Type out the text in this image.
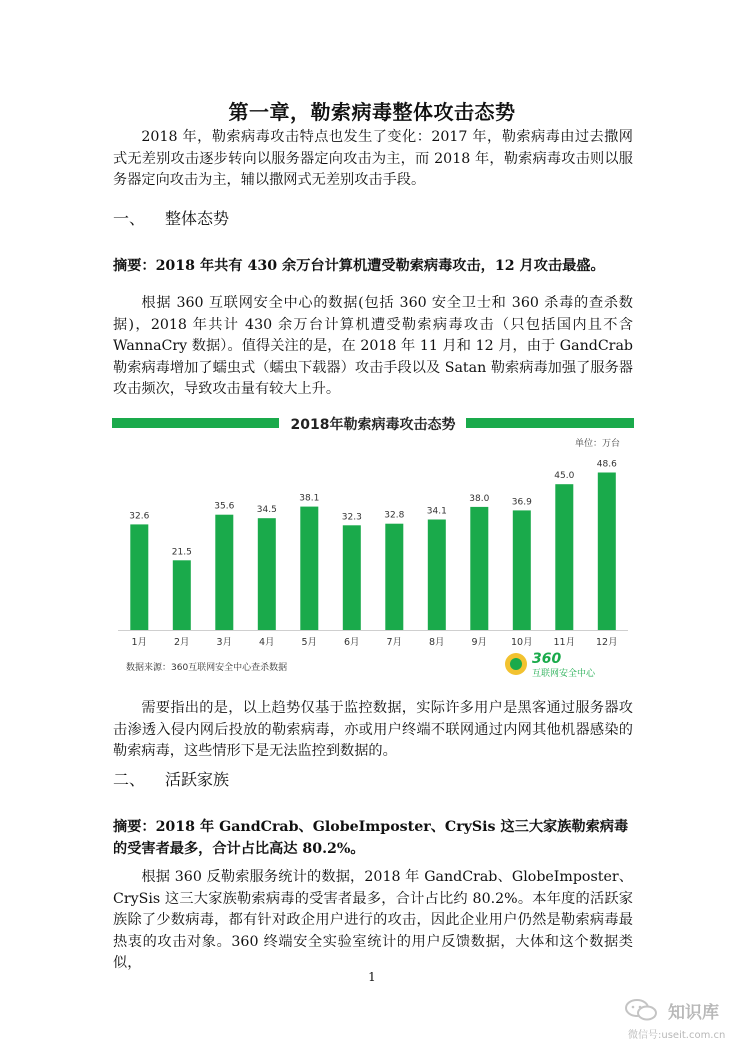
第一章，勒索病毒整体攻击态势

2018 年，勒索病毒攻击特点也发生了变化：2017 年，勒索病毒由过去撒网式无差别攻击逐步转向以服务器定向攻击为主，而 2018 年，勒索病毒攻击则以服务器定向攻击为主，辅以撒网式无差别攻击手段。

一、 整体态势

摘要：2018 年共有 430 余万台计算机遭受勒索病毒攻击，12 月攻击最盛。

根据 360 互联网安全中心的数据(包括 360 安全卫士和 360 杀毒的查杀数据)，2018 年共计 430 余万台计算机遭受勒索病毒攻击（只包括国内且不含 WannaCry 数据）。值得关注的是，在 2018 年 11 月和 12 月，由于 GandCrab 勒索病毒增加了蠕虫式（蠕虫下载器）攻击手段以及 Satan 勒索病毒加强了服务器攻击频次，导致攻击量有较大上升。

2018年勒索病毒攻击态势
单位：万台
32.6
1月
21.5
2月
35.6
3月
34.5
4月
38.1
5月
32.3
6月
32.8
7月
34.1
8月
38.0
9月
36.9
10月
45.0
11月
48.6
12月
数据来源：360互联网安全中心查杀数据
360
互联网安全中心

需要指出的是，以上趋势仅基于监控数据，实际许多用户是黑客通过服务器攻击渗透入侵内网后投放的勒索病毒，亦或用户终端不联网通过内网其他机器感染的勒索病毒，这些情形下是无法监控到数据的。

二、 活跃家族

摘要：2018 年 GandCrab、GlobeImposter、CrySis 这三大家族勒索病毒的受害者最多，合计占比高达 80.2%。

根据 360 反勒索服务统计的数据，2018 年 GandCrab、GlobeImposter、CrySis 这三大家族勒索病毒的受害者最多，合计占比约 80.2%。本年度的活跃家族除了少数病毒，都有针对政企用户进行的攻击，因此企业用户仍然是勒索病毒最热衷的攻击对象。360 终端安全实验室统计的用户反馈数据，大体和这个数据类似，

1
知识库
微信号:useit.com.cn
